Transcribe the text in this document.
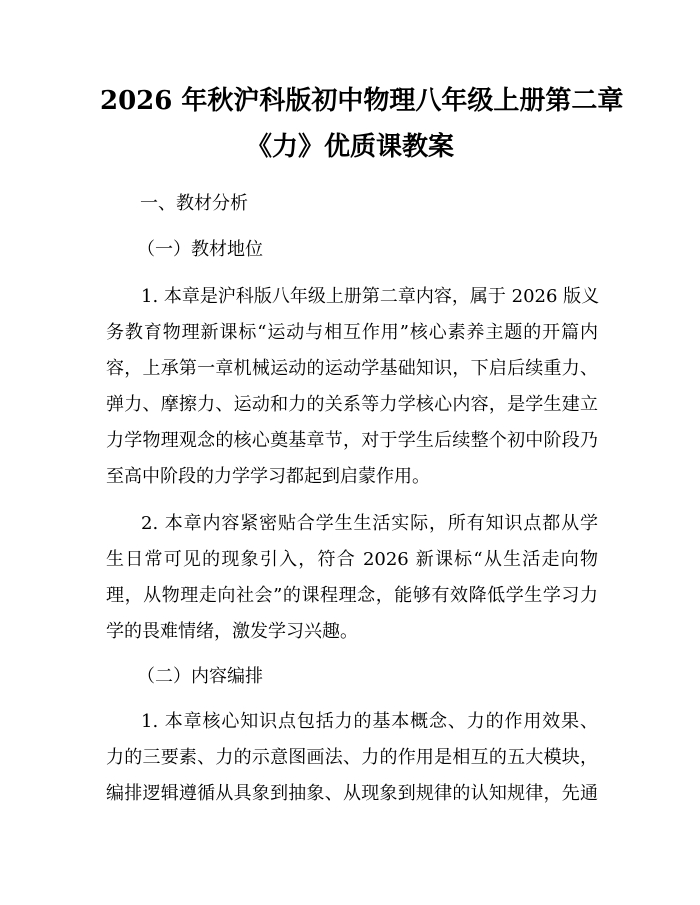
2026 年秋沪科版初中物理八年级上册第二章
《力》优质课教案
一、教材分析
（一）教材地位
1. 本章是沪科版八年级上册第二章内容，属于 2026 版义
务教育物理新课标“运动与相互作用”核心素养主题的开篇内
容，上承第一章机械运动的运动学基础知识，下启后续重力、
弹力、摩擦力、运动和力的关系等力学核心内容，是学生建立
力学物理观念的核心奠基章节，对于学生后续整个初中阶段乃
至高中阶段的力学学习都起到启蒙作用。
2. 本章内容紧密贴合学生生活实际，所有知识点都从学
生日常可见的现象引入，符合 2026 新课标“从生活走向物
理，从物理走向社会”的课程理念，能够有效降低学生学习力
学的畏难情绪，激发学习兴趣。
（二）内容编排
1. 本章核心知识点包括力的基本概念、力的作用效果、
力的三要素、力的示意图画法、力的作用是相互的五大模块，
编排逻辑遵循从具象到抽象、从现象到规律的认知规律，先通
